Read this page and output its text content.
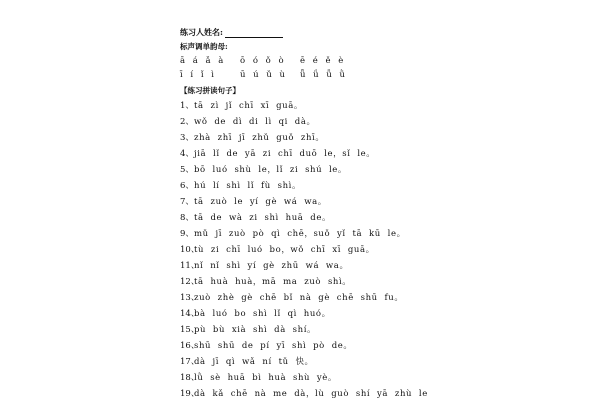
练习人姓名:
标声调单韵母:
ā á ǎ à	ō ó ǒ ò	ē é ě è
ī í ǐ ì	ū ú ǔ ù	ǖ ǘ ǚ ǜ
【练习拼读句子】
1、 tā zì jǐ chī xī guā。
2、 wǒ de dì di lì qi dà。
3、 zhà zhī jī zhǔ guǒ zhī。
4、 jiā lǐ de yā zi chī duō le，sǐ le。
5、 bō luó shù le，lǐ zi shú le。
6、 hú lí shì lǐ fù shì。
7、 tā zuò le yí gè wá wa。
8、 tā de wà zi shì huā de。
9、 mǔ jī zuò pò qì chē，suǒ yǐ tā kū le。
10、
tù zi chī luó bo，wǒ chī xī guā。
11、
nǐ nǐ shì yí gè zhū wá wa。
12、
tā huà huà，mā ma zuò shì。
13、
zuò zhè gè chē bǐ nà gè chē shū fu。
14、
bà luó bo shì lǐ qì huó。
15、
pù bù xià shì dà shí。
16、
shū shū de pí yī shì pò de。
17、
dà jī qì wǎ ní tǔ 快。
18、
lǜ sè huā bì huà shù yè。
19、
dà kǎ chē nà me dà，lù guò shí yā zhù le
